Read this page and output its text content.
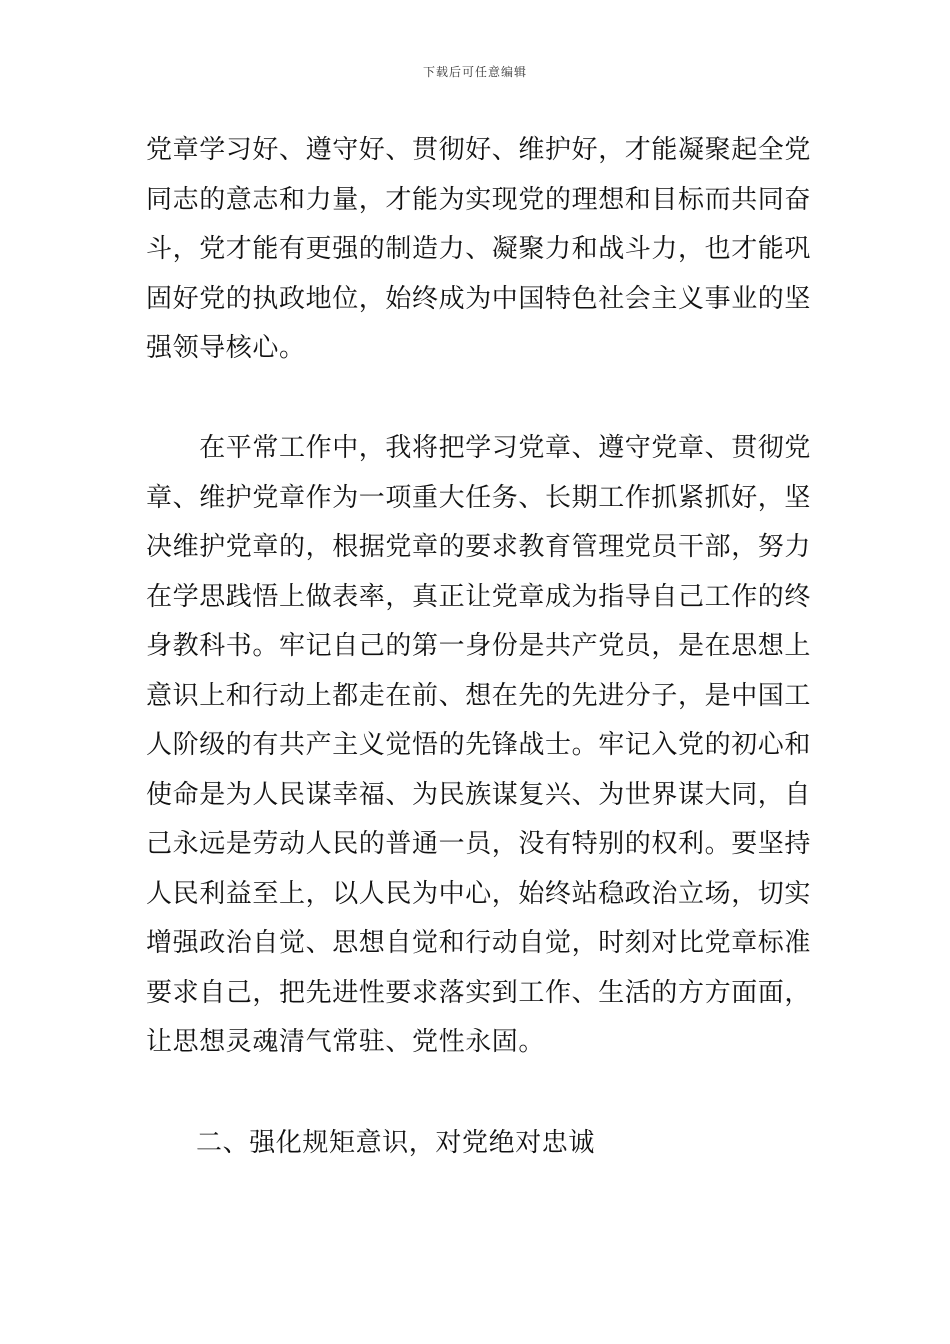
下载后可任意编辑
党章学习好、遵守好、贯彻好、维护好，才能凝聚起全党
同志的意志和力量，才能为实现党的理想和目标而共同奋
斗，党才能有更强的制造力、凝聚力和战斗力，也才能巩
固好党的执政地位，始终成为中国特色社会主义事业的坚
强领导核心。
　　在平常工作中，我将把学习党章、遵守党章、贯彻党
章、维护党章作为一项重大任务、长期工作抓紧抓好，坚
决维护党章的，根据党章的要求教育管理党员干部，努力
在学思践悟上做表率，真正让党章成为指导自己工作的终
身教科书。牢记自己的第一身份是共产党员，是在思想上
意识上和行动上都走在前、想在先的先进分子，是中国工
人阶级的有共产主义觉悟的先锋战士。牢记入党的初心和
使命是为人民谋幸福、为民族谋复兴、为世界谋大同，自
己永远是劳动人民的普通一员，没有特别的权利。要坚持
人民利益至上，以人民为中心，始终站稳政治立场，切实
增强政治自觉、思想自觉和行动自觉，时刻对比党章标准
要求自己，把先进性要求落实到工作、生活的方方面面，
让思想灵魂清气常驻、党性永固。
二、强化规矩意识，对党绝对忠诚
